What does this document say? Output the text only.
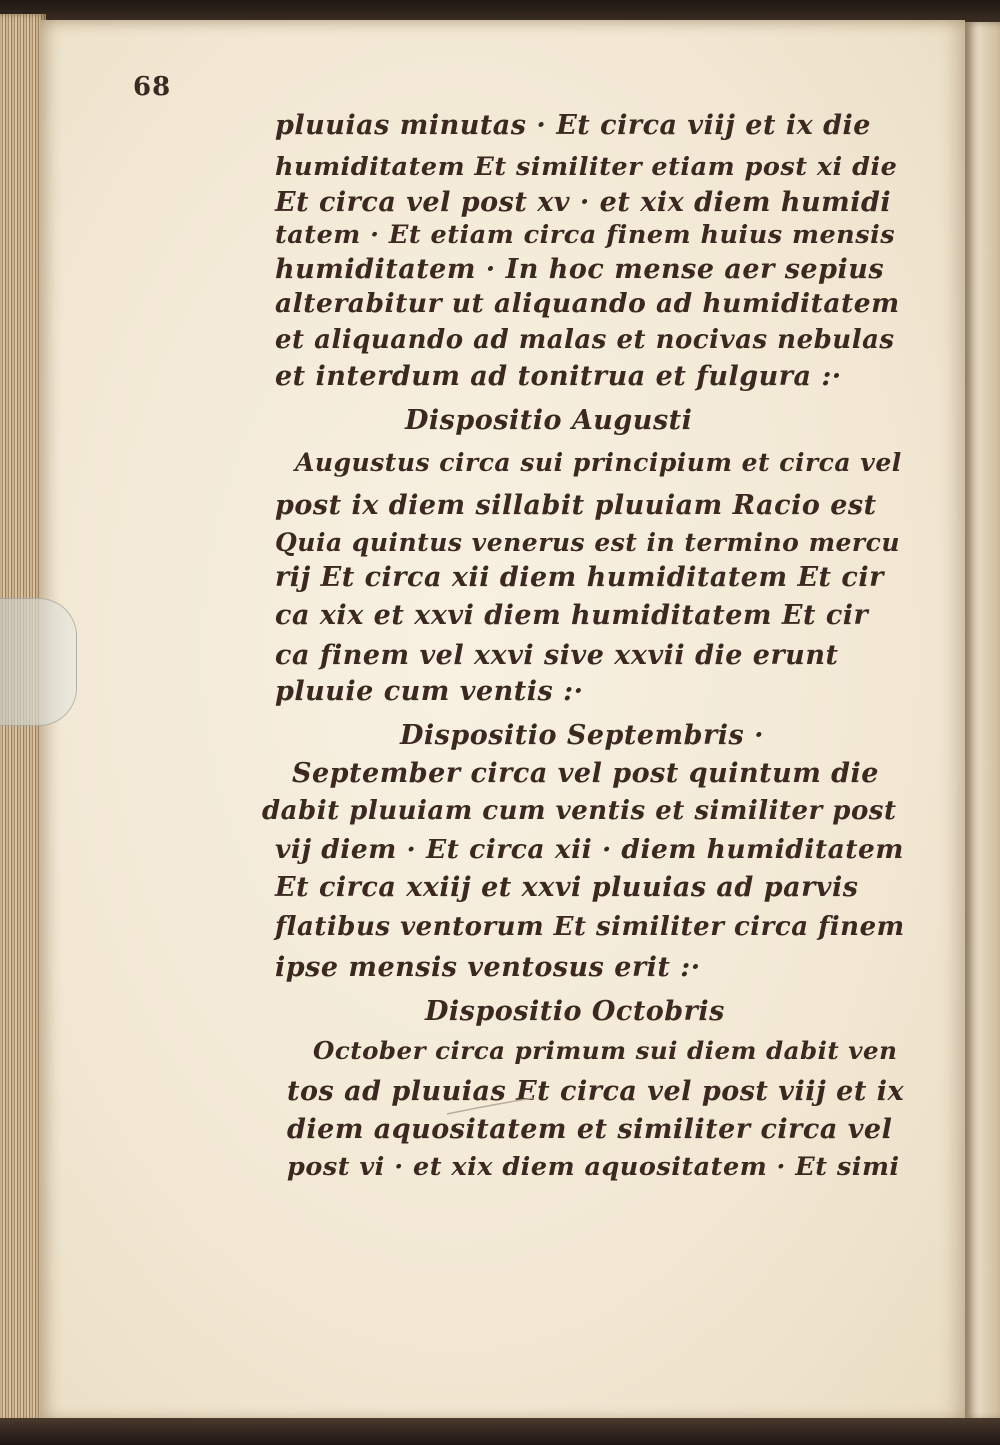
68
pluuias minutas · Et circa viij et ix die
humiditatem Et similiter etiam post xi die
Et circa vel post xv · et xix diem humidi
tatem · Et etiam circa finem huius mensis
humiditatem · In hoc mense aer sepius
alterabitur ut aliquando ad humiditatem
et aliquando ad malas et nocivas nebulas
et interdum ad tonitrua et fulgura :·
Dispositio Augusti
Augustus circa sui principium et circa vel
post ix diem sillabit pluuiam Racio est
Quia quintus venerus est in termino mercu
rij Et circa xii diem humiditatem Et cir
ca xix et xxvi diem humiditatem Et cir
ca finem vel xxvi sive xxvii die erunt
pluuie cum ventis :·
Dispositio Septembris ·
September circa vel post quintum die
dabit pluuiam cum ventis et similiter post
vij diem · Et circa xii · diem humiditatem
Et circa xxiij et xxvi pluuias ad parvis
flatibus ventorum Et similiter circa finem
ipse mensis ventosus erit :·
Dispositio Octobris
October circa primum sui diem dabit ven
tos ad pluuias Et circa vel post viij et ix
diem aquositatem et similiter circa vel
post vi · et xix diem aquositatem · Et simi
